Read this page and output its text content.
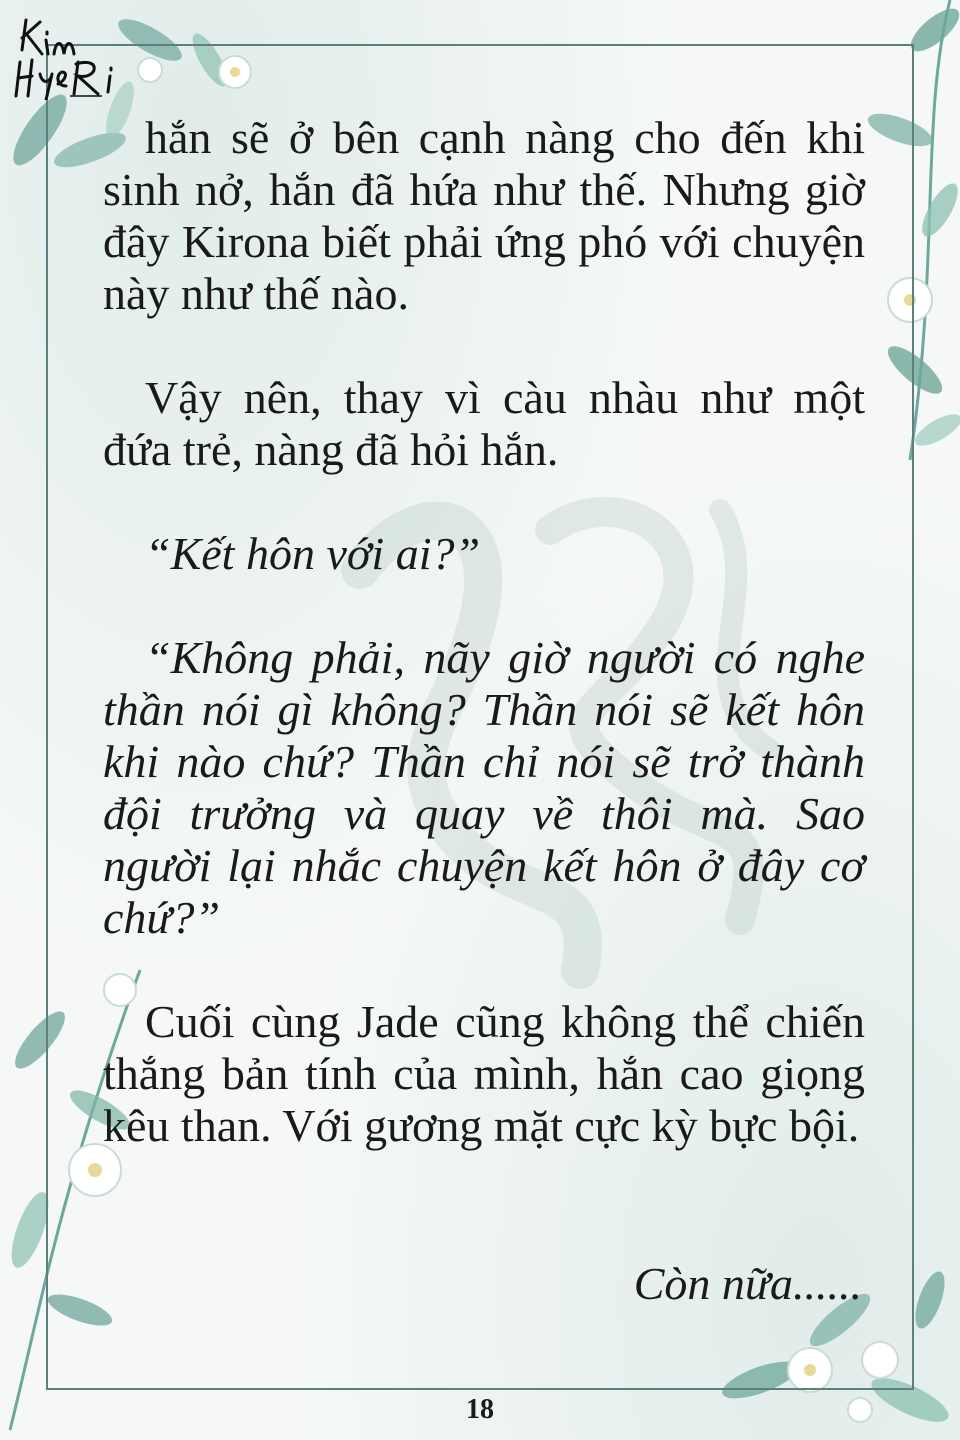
hắn sẽ ở bên cạnh nàng cho đến khi sinh nở, hắn đã hứa như thế. Nhưng giờ đây Kirona biết phải ứng phó với chuyện này như thế nào.

Vậy nên, thay vì càu nhàu như một đứa trẻ, nàng đã hỏi hắn.

“Kết hôn với ai?”

“Không phải, nãy giờ người có nghe thần nói gì không? Thần nói sẽ kết hôn khi nào chứ? Thần chỉ nói sẽ trở thành đội trưởng và quay về thôi mà. Sao người lại nhắc chuyện kết hôn ở đây cơ chứ?”

Cuối cùng Jade cũng không thể chiến thắng bản tính của mình, hắn cao giọng kêu than. Với gương mặt cực kỳ bực bội.

Còn nữa......
18
